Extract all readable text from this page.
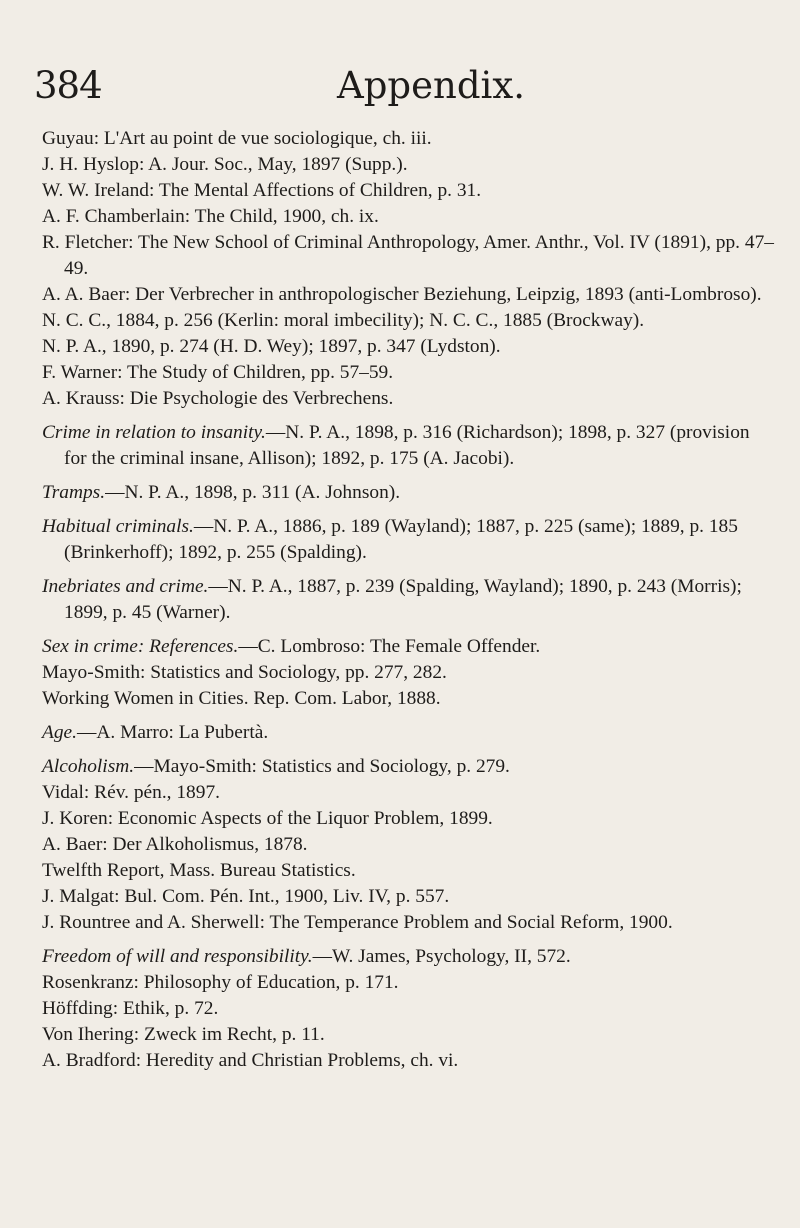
384	Appendix.

Guyau: L'Art au point de vue sociologique, ch. iii.

J. H. Hyslop: A. Jour. Soc., May, 1897 (Supp.).

W. W. Ireland: The Mental Affections of Children, p. 31.

A. F. Chamberlain: The Child, 1900, ch. ix.

R. Fletcher: The New School of Criminal Anthropology, Amer. Anthr., Vol. IV (1891), pp. 47–49.

A. A. Baer: Der Verbrecher in anthropologischer Beziehung, Leipzig, 1893 (anti-Lombroso).

N. C. C., 1884, p. 256 (Kerlin: moral imbecility); N. C. C., 1885 (Brockway).

N. P. A., 1890, p. 274 (H. D. Wey); 1897, p. 347 (Lydston).

F. Warner: The Study of Children, pp. 57–59.

A. Krauss: Die Psychologie des Verbrechens.

Crime in relation to insanity.—N. P. A., 1898, p. 316 (Richardson); 1898, p. 327 (provision for the criminal insane, Allison); 1892, p. 175 (A. Jacobi).

Tramps.—N. P. A., 1898, p. 311 (A. Johnson).

Habitual criminals.—N. P. A., 1886, p. 189 (Wayland); 1887, p. 225 (same); 1889, p. 185 (Brinkerhoff); 1892, p. 255 (Spalding).

Inebriates and crime.—N. P. A., 1887, p. 239 (Spalding, Wayland); 1890, p. 243 (Morris); 1899, p. 45 (Warner).

Sex in crime: References.—C. Lombroso: The Female Offender.

Mayo-Smith: Statistics and Sociology, pp. 277, 282.

Working Women in Cities. Rep. Com. Labor, 1888.

Age.—A. Marro: La Pubertà.

Alcoholism.—Mayo-Smith: Statistics and Sociology, p. 279.

Vidal: Rév. pén., 1897.

J. Koren: Economic Aspects of the Liquor Problem, 1899.

A. Baer: Der Alkoholismus, 1878.

Twelfth Report, Mass. Bureau Statistics.

J. Malgat: Bul. Com. Pén. Int., 1900, Liv. IV, p. 557.

J. Rountree and A. Sherwell: The Temperance Problem and Social Reform, 1900.

Freedom of will and responsibility.—W. James, Psychology, II, 572.

Rosenkranz: Philosophy of Education, p. 171.

Höffding: Ethik, p. 72.

Von Ihering: Zweck im Recht, p. 11.

A. Bradford: Heredity and Christian Problems, ch. vi.
